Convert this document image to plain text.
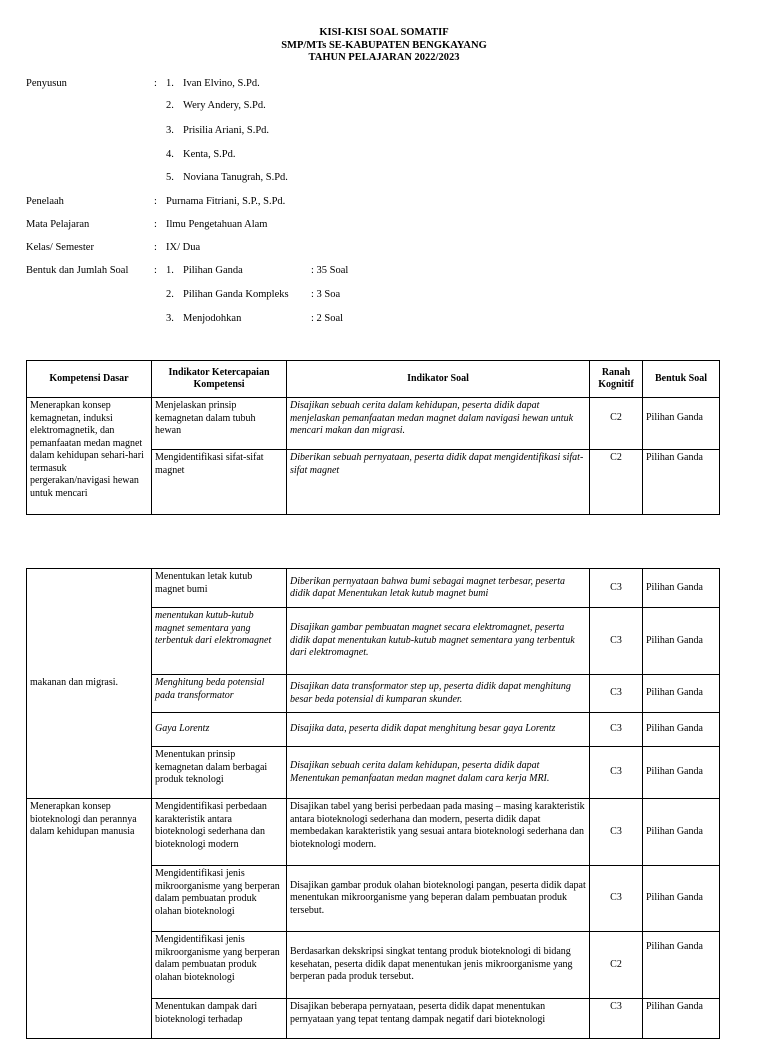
KISI-KISI SOAL SOMATIF
SMP/MTs SE-KABUPATEN BENGKAYANG
TAHUN PELAJARAN 2022/2023
Penyusun	: 1. Ivan Elvino, S.Pd.
2. Wery Andery, S.Pd.
3. Prisilia Ariani, S.Pd.
4. Kenta, S.Pd.
5. Noviana Tanugrah, S.Pd.
Penelaah	: Purnama Fitriani, S.P., S.Pd.
Mata Pelajaran	: Ilmu Pengetahuan Alam
Kelas/ Semester	: IX/ Dua
Bentuk dan Jumlah Soal : 1. Pilihan Ganda	: 35 Soal
2. Pilihan Ganda Kompleks : 3 Soa
3. Menjodohkan	: 2 Soal
Kompetensi Dasar	Indikator Ketercapaian Kompetensi	Indikator Soal	Ranah Kognitif	Bentuk Soal
Menerapkan konsep kemagnetan, induksi elektromagnetik, dan pemanfaatan medan magnet dalam kehidupan sehari-hari termasuk pergerakan/navigasi hewan untuk mencari	Menjelaskan prinsip kemagnetan dalam tubuh hewan	Disajikan sebuah cerita dalam kehidupan, peserta didik dapat menjelaskan pemanfaatan medan magnet dalam navigasi hewan untuk mencari makan dan migrasi.	C2	Pilihan Ganda
	Mengidentifikasi sifat-sifat magnet	Diberikan sebuah pernyataan, peserta didik dapat mengidentifikasi sifat-sifat magnet	C2	Pilihan Ganda
makanan dan migrasi.	Menentukan letak kutub magnet bumi	Diberikan pernyataan bahwa bumi sebagai magnet terbesar, peserta didik dapat Menentukan letak kutub magnet bumi	C3	Pilihan Ganda
	menentukan kutub-kutub magnet sementara yang terbentuk dari elektromagnet	Disajikan gambar pembuatan magnet secara elektromagnet, peserta didik dapat menentukan kutub-kutub magnet sementara yang terbentuk dari elektromagnet.	C3	Pilihan Ganda
	Menghitung beda potensial pada transformator	Disajikan data transformator step up, peserta didik dapat menghitung besar beda potensial di kumparan skunder.	C3	Pilihan Ganda
	Gaya Lorentz	Disajika data, peserta didik dapat menghitung besar gaya Lorentz	C3	Pilihan Ganda
	Menentukan prinsip kemagnetan dalam berbagai produk teknologi	Disajikan sebuah cerita dalam kehidupan, peserta didik dapat Menentukan pemanfaatan medan magnet dalam cara kerja MRI.	C3	Pilihan Ganda
Menerapkan konsep bioteknologi dan perannya dalam kehidupan manusia	Mengidentifikasi perbedaan karakteristik antara bioteknologi sederhana dan bioteknologi modern	Disajikan tabel yang berisi perbedaan pada masing – masing karakteristik antara bioteknologi sederhana dan modern, peserta didik dapat membedakan karakteristik yang sesuai antara bioteknologi sederhana dan bioteknologi modern.	C3	Pilihan Ganda
	Mengidentifikasi jenis mikroorganisme yang berperan dalam pembuatan produk olahan bioteknologi	Disajikan gambar produk olahan bioteknologi pangan, peserta didik dapat menentukan mikroorganisme yang beperan dalam pembuatan produk tersebut.	C3	Pilihan Ganda
	Mengidentifikasi jenis mikroorganisme yang berperan dalam pembuatan produk olahan bioteknologi	Berdasarkan dekskripsi singkat tentang produk bioteknologi di bidang kesehatan, peserta didik dapat menentukan jenis mikroorganisme yang berperan pada produk tersebut.	C2	Pilihan Ganda
	Menentukan dampak dari bioteknologi terhadap	Disajikan beberapa pernyataan, peserta didik dapat menentukan pernyataan yang tepat tentang dampak negatif dari bioteknologi	C3	Pilihan Ganda
